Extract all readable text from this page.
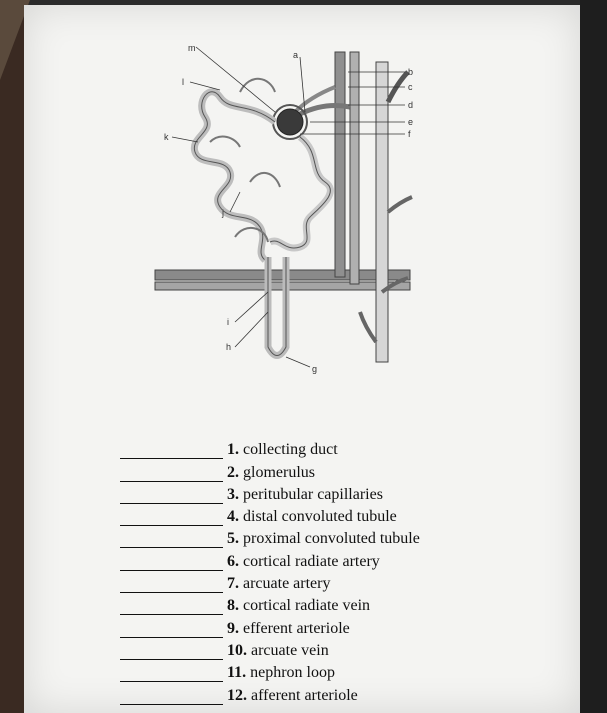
m
l
k
j
i
h
g
a
b
c
d
e
f
1. collecting duct
2. glomerulus
3. peritubular capillaries
4. distal convoluted tubule
5. proximal convoluted tubule
6. cortical radiate artery
7. arcuate artery
8. cortical radiate vein
9. efferent arteriole
10. arcuate vein
11. nephron loop
12. afferent arteriole
